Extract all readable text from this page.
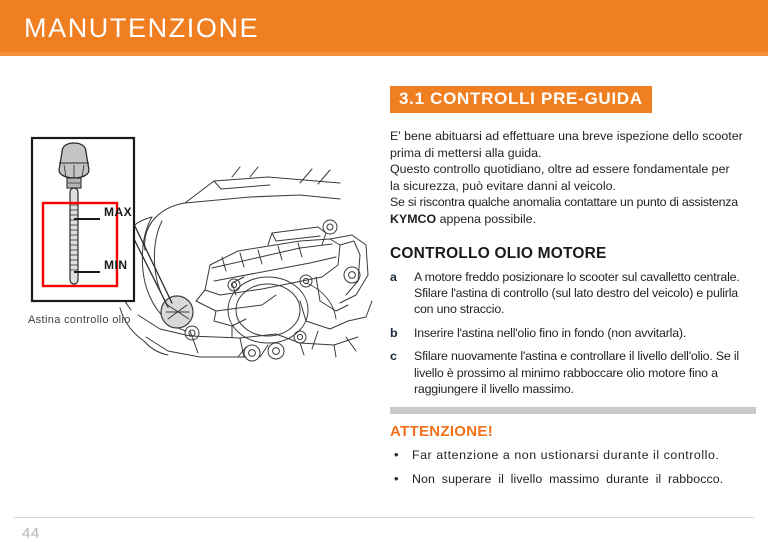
MANUTENZIONE
MAX
MIN
Astina controllo olio
3.1 CONTROLLI PRE-GUIDA

E' bene abituarsi ad effettuare una breve ispezione dello scooter

prima di mettersi alla guida.

Questo controllo quotidiano, oltre ad essere fondamentale per

la sicurezza, può evitare danni al veicolo.

Se si riscontra qualche anomalia contattare un punto di assistenza

KYMCO appena possibile.

CONTROLLO OLIO MOTORE
a	A motore freddo posizionare lo scooter sul cavalletto centrale. Sfilare l'astina di controllo (sul lato destro del veicolo) e pulirla con uno straccio.
b	Inserire l'astina nell'olio fino in fondo (non avvitarla).
c	Sfilare nuovamente l'astina e controllare il livello dell'olio. Se il livello è prossimo al minimo rabboccare olio motore fino a raggiungere il livello massimo.
ATTENZIONE!
•	Far attenzione a non ustionarsi durante il controllo.
•	Non superare il livello massimo durante il rabbocco.
44
